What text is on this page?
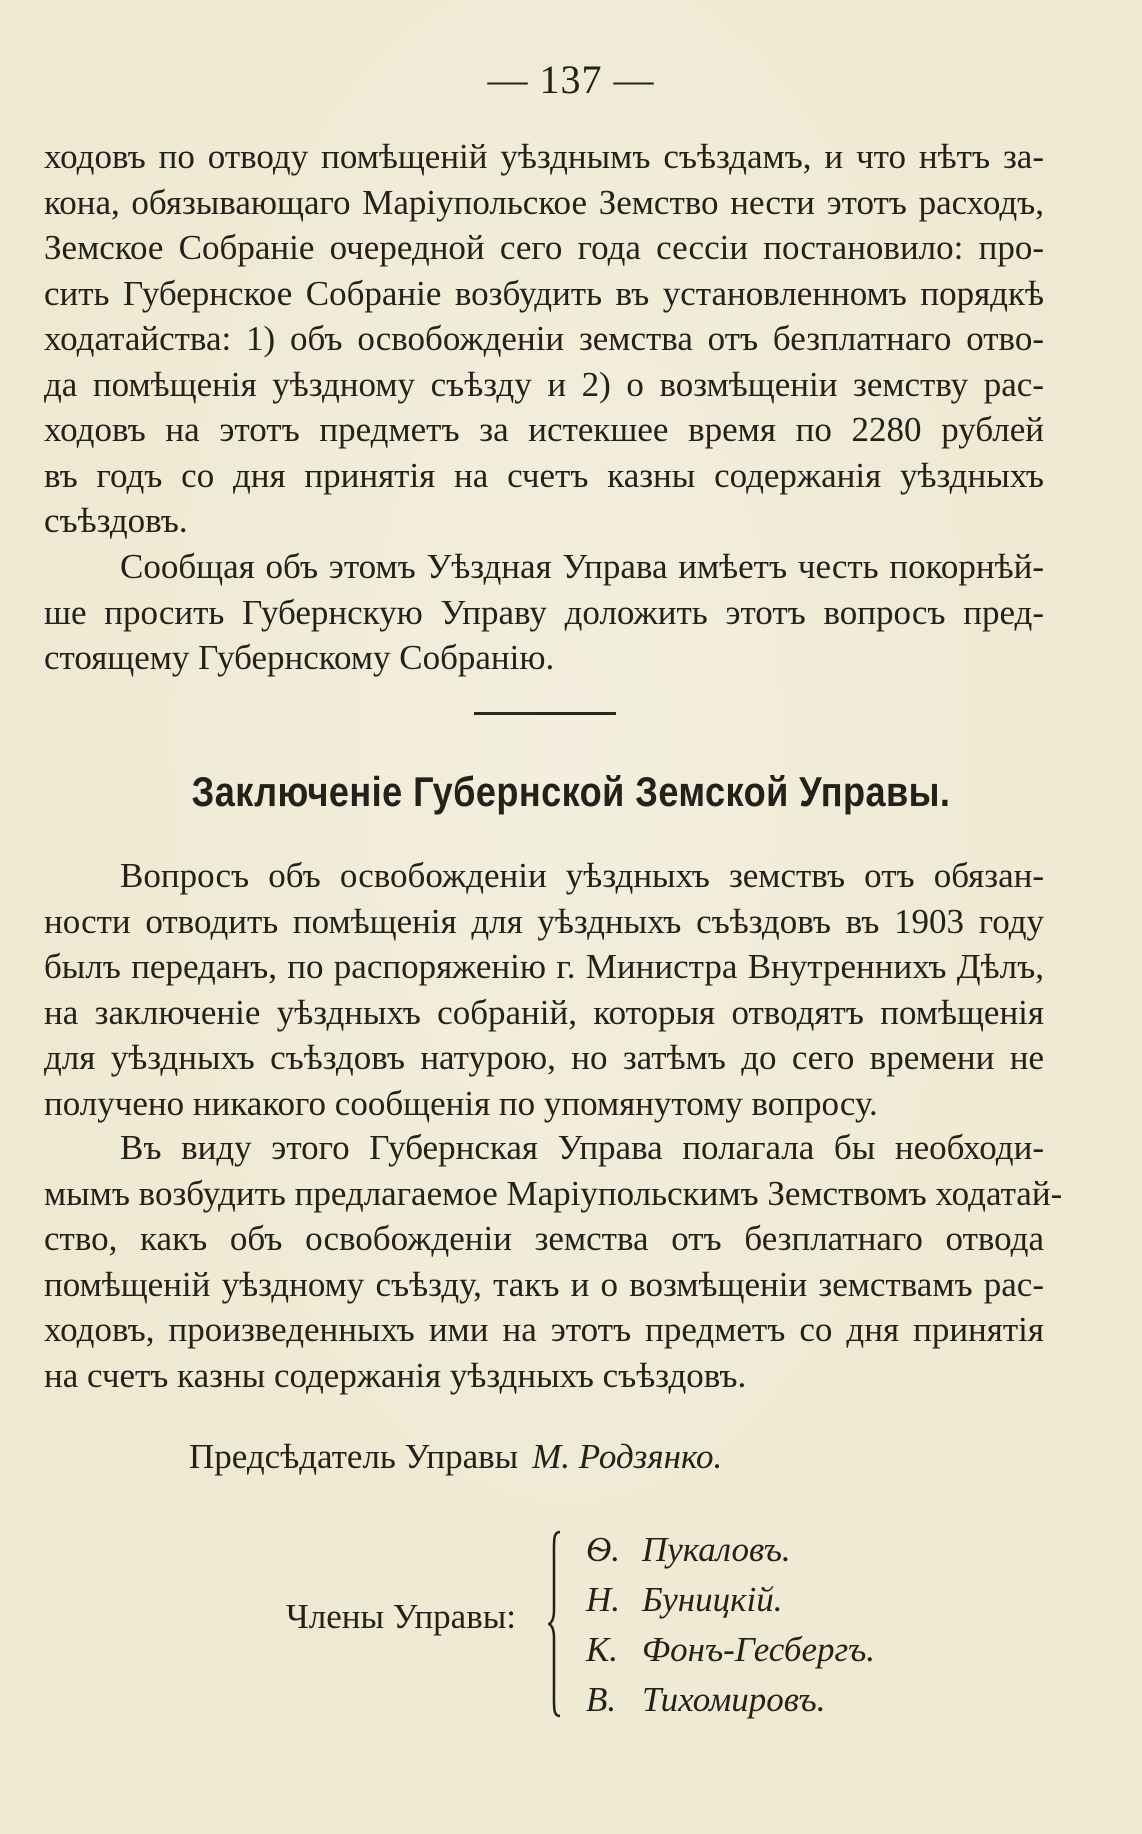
— 137 —
ходовъ по отводу помѣщеній уѣзднымъ съѣздамъ, и что нѣтъ за-
кона, обязывающаго Маріупольское Земство нести этотъ расходъ,
Земское Собраніе очередной сего года сессіи постановило: про-
сить Губернское Собраніе возбудить въ установленномъ порядкѣ
ходатайства: 1) объ освобожденіи земства отъ безплатнаго отво-
да помѣщенія уѣздному съѣзду и 2) о возмѣщеніи земству рас-
ходовъ на этотъ предметъ за истекшее время по 2280 рублей
въ годъ со дня принятія на счетъ казны содержанія уѣздныхъ
съѣздовъ.
Сообщая объ этомъ Уѣздная Управа имѣетъ честь покорнѣй-
ше просить Губернскую Управу доложить этотъ вопросъ пред-
стоящему Губернскому Собранію.
Заключеніе Губернской Земской Управы.
Вопросъ объ освобожденіи уѣздныхъ земствъ отъ обязан-
ности отводить помѣщенія для уѣздныхъ съѣздовъ въ 1903 году
былъ переданъ, по распоряженію г. Министра Внутреннихъ Дѣлъ,
на заключеніе уѣздныхъ собраній, которыя отводятъ помѣщенія
для уѣздныхъ съѣздовъ натурою, но затѣмъ до сего времени не
получено никакого сообщенія по упомянутому вопросу.
Въ виду этого Губернская Управа полагала бы необходи-
мымъ возбудить предлагаемое Маріупольскимъ Земствомъ ходатай-
ство, какъ объ освобожденіи земства отъ безплатнаго отвода
помѣщеній уѣздному съѣзду, такъ и о возмѣщеніи земствамъ рас-
ходовъ, произведенныхъ ими на этотъ предметъ со дня принятія
на счетъ казны содержанія уѣздныхъ съѣздовъ.
Предсѣдатель Управы М. Родзянко.
Члены Управы:
Ѳ. Пукаловъ.
Н. Буницкій.
К. Фонъ-Гесбергъ.
В. Тихомировъ.
